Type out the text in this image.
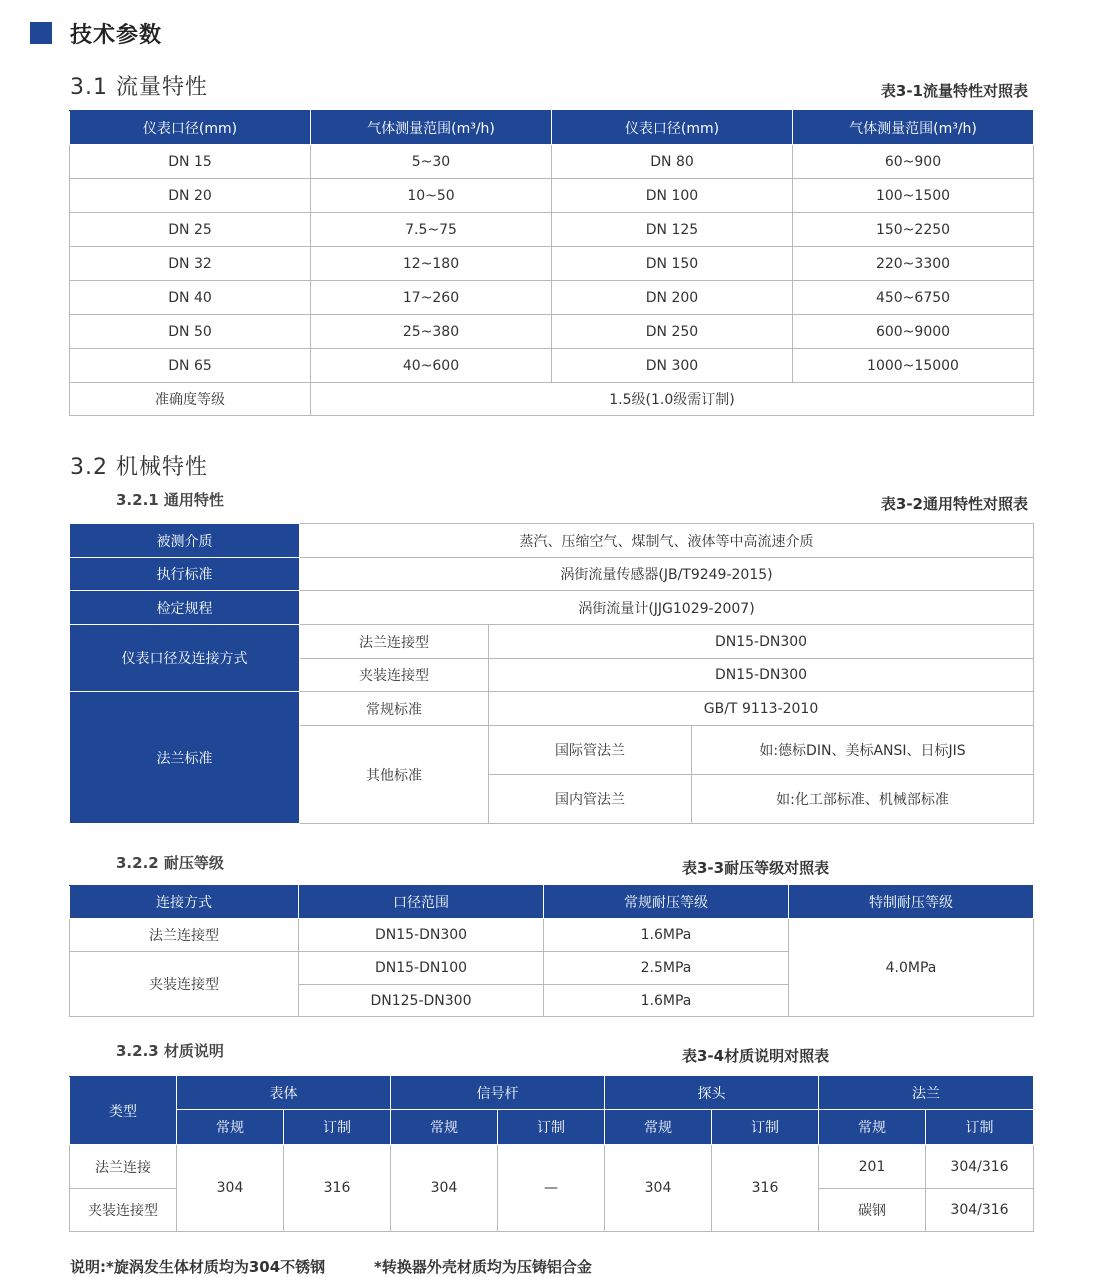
技术参数
3.1 流量特性	表3-1流量特性对照表
仪表口径(mm)	气体测量范围(m³/h)	仪表口径(mm)	气体测量范围(m³/h)
DN 15	5~30	DN 80	60~900
DN 20	10~50	DN 100	100~1500
DN 25	7.5~75	DN 125	150~2250
DN 32	12~180	DN 150	220~3300
DN 40	17~260	DN 200	450~6750
DN 50	25~380	DN 250	600~9000
DN 65	40~600	DN 300	1000~15000
准确度等级	1.5级(1.0级需订制)		
3.2 机械特性
3.2.1 通用特性	表3-2通用特性对照表
被测介质	蒸汽、压缩空气、煤制气、液体等中高流速介质		
执行标准	涡街流量传感器(JB/T9249-2015)		
检定规程	涡街流量计(JJG1029-2007)		
仪表口径及连接方式	法兰连接型	DN15-DN300	
	夹装连接型	DN15-DN300	
法兰标准	常规标准	GB/T 9113-2010	
	其他标准	国际管法兰	如:德标DIN、美标ANSI、日标JIS
		国内管法兰	如:化工部标准、机械部标准
3.2.2 耐压等级	表3-3耐压等级对照表
连接方式	口径范围	常规耐压等级	特制耐压等级
法兰连接型	DN15-DN300	1.6MPa	4.0MPa
夹装连接型	DN15-DN100	2.5MPa	
	DN125-DN300	1.6MPa	
3.2.3 材质说明	表3-4材质说明对照表
类型	表体		信号杆		探头		法兰	
	常规	订制	常规	订制	常规	订制	常规	订制
法兰连接	304	316	304	—	304	316	201	304/316
夹装连接型							碳钢	304/316
说明:*旋涡发生体材质均为304不锈钢	*转换器外壳材质均为压铸铝合金
